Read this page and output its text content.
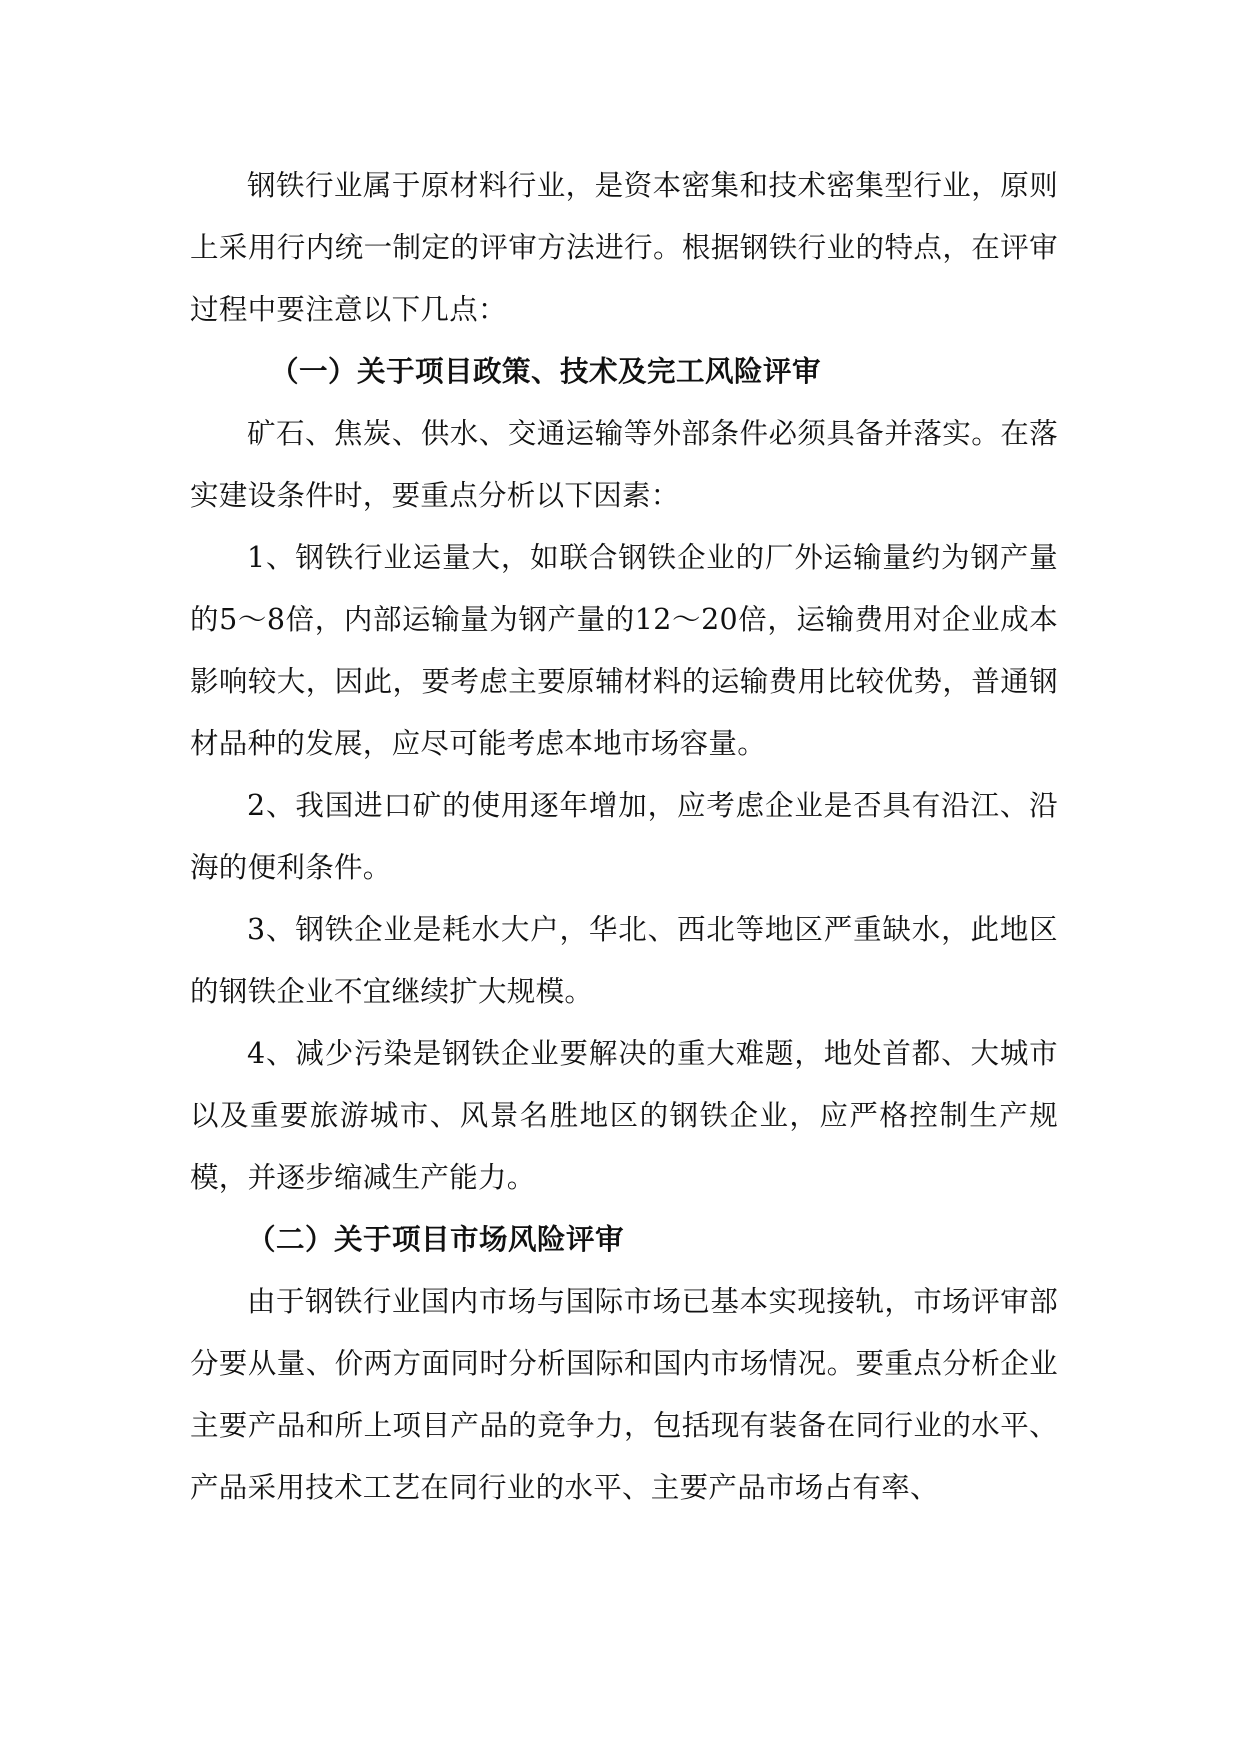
钢铁行业属于原材料行业，是资本密集和技术密集型行业，原则上采用行内统一制定的评审方法进行。根据钢铁行业的特点，在评审过程中要注意以下几点：

（一）关于项目政策、技术及完工风险评审

矿石、焦炭、供水、交通运输等外部条件必须具备并落实。在落实建设条件时，要重点分析以下因素：

1、钢铁行业运量大，如联合钢铁企业的厂外运输量约为钢产量的5～8倍，内部运输量为钢产量的12～20倍，运输费用对企业成本影响较大，因此，要考虑主要原辅材料的运输费用比较优势，普通钢材品种的发展，应尽可能考虑本地市场容量。

2、我国进口矿的使用逐年增加，应考虑企业是否具有沿江、沿海的便利条件。

3、钢铁企业是耗水大户，华北、西北等地区严重缺水，此地区的钢铁企业不宜继续扩大规模。

4、减少污染是钢铁企业要解决的重大难题，地处首都、大城市以及重要旅游城市、风景名胜地区的钢铁企业，应严格控制生产规模，并逐步缩减生产能力。

（二）关于项目市场风险评审

由于钢铁行业国内市场与国际市场已基本实现接轨，市场评审部分要从量、价两方面同时分析国际和国内市场情况。要重点分析企业主要产品和所上项目产品的竞争力，包括现有装备在同行业的水平、产品采用技术工艺在同行业的水平、主要产品市场占有率、
